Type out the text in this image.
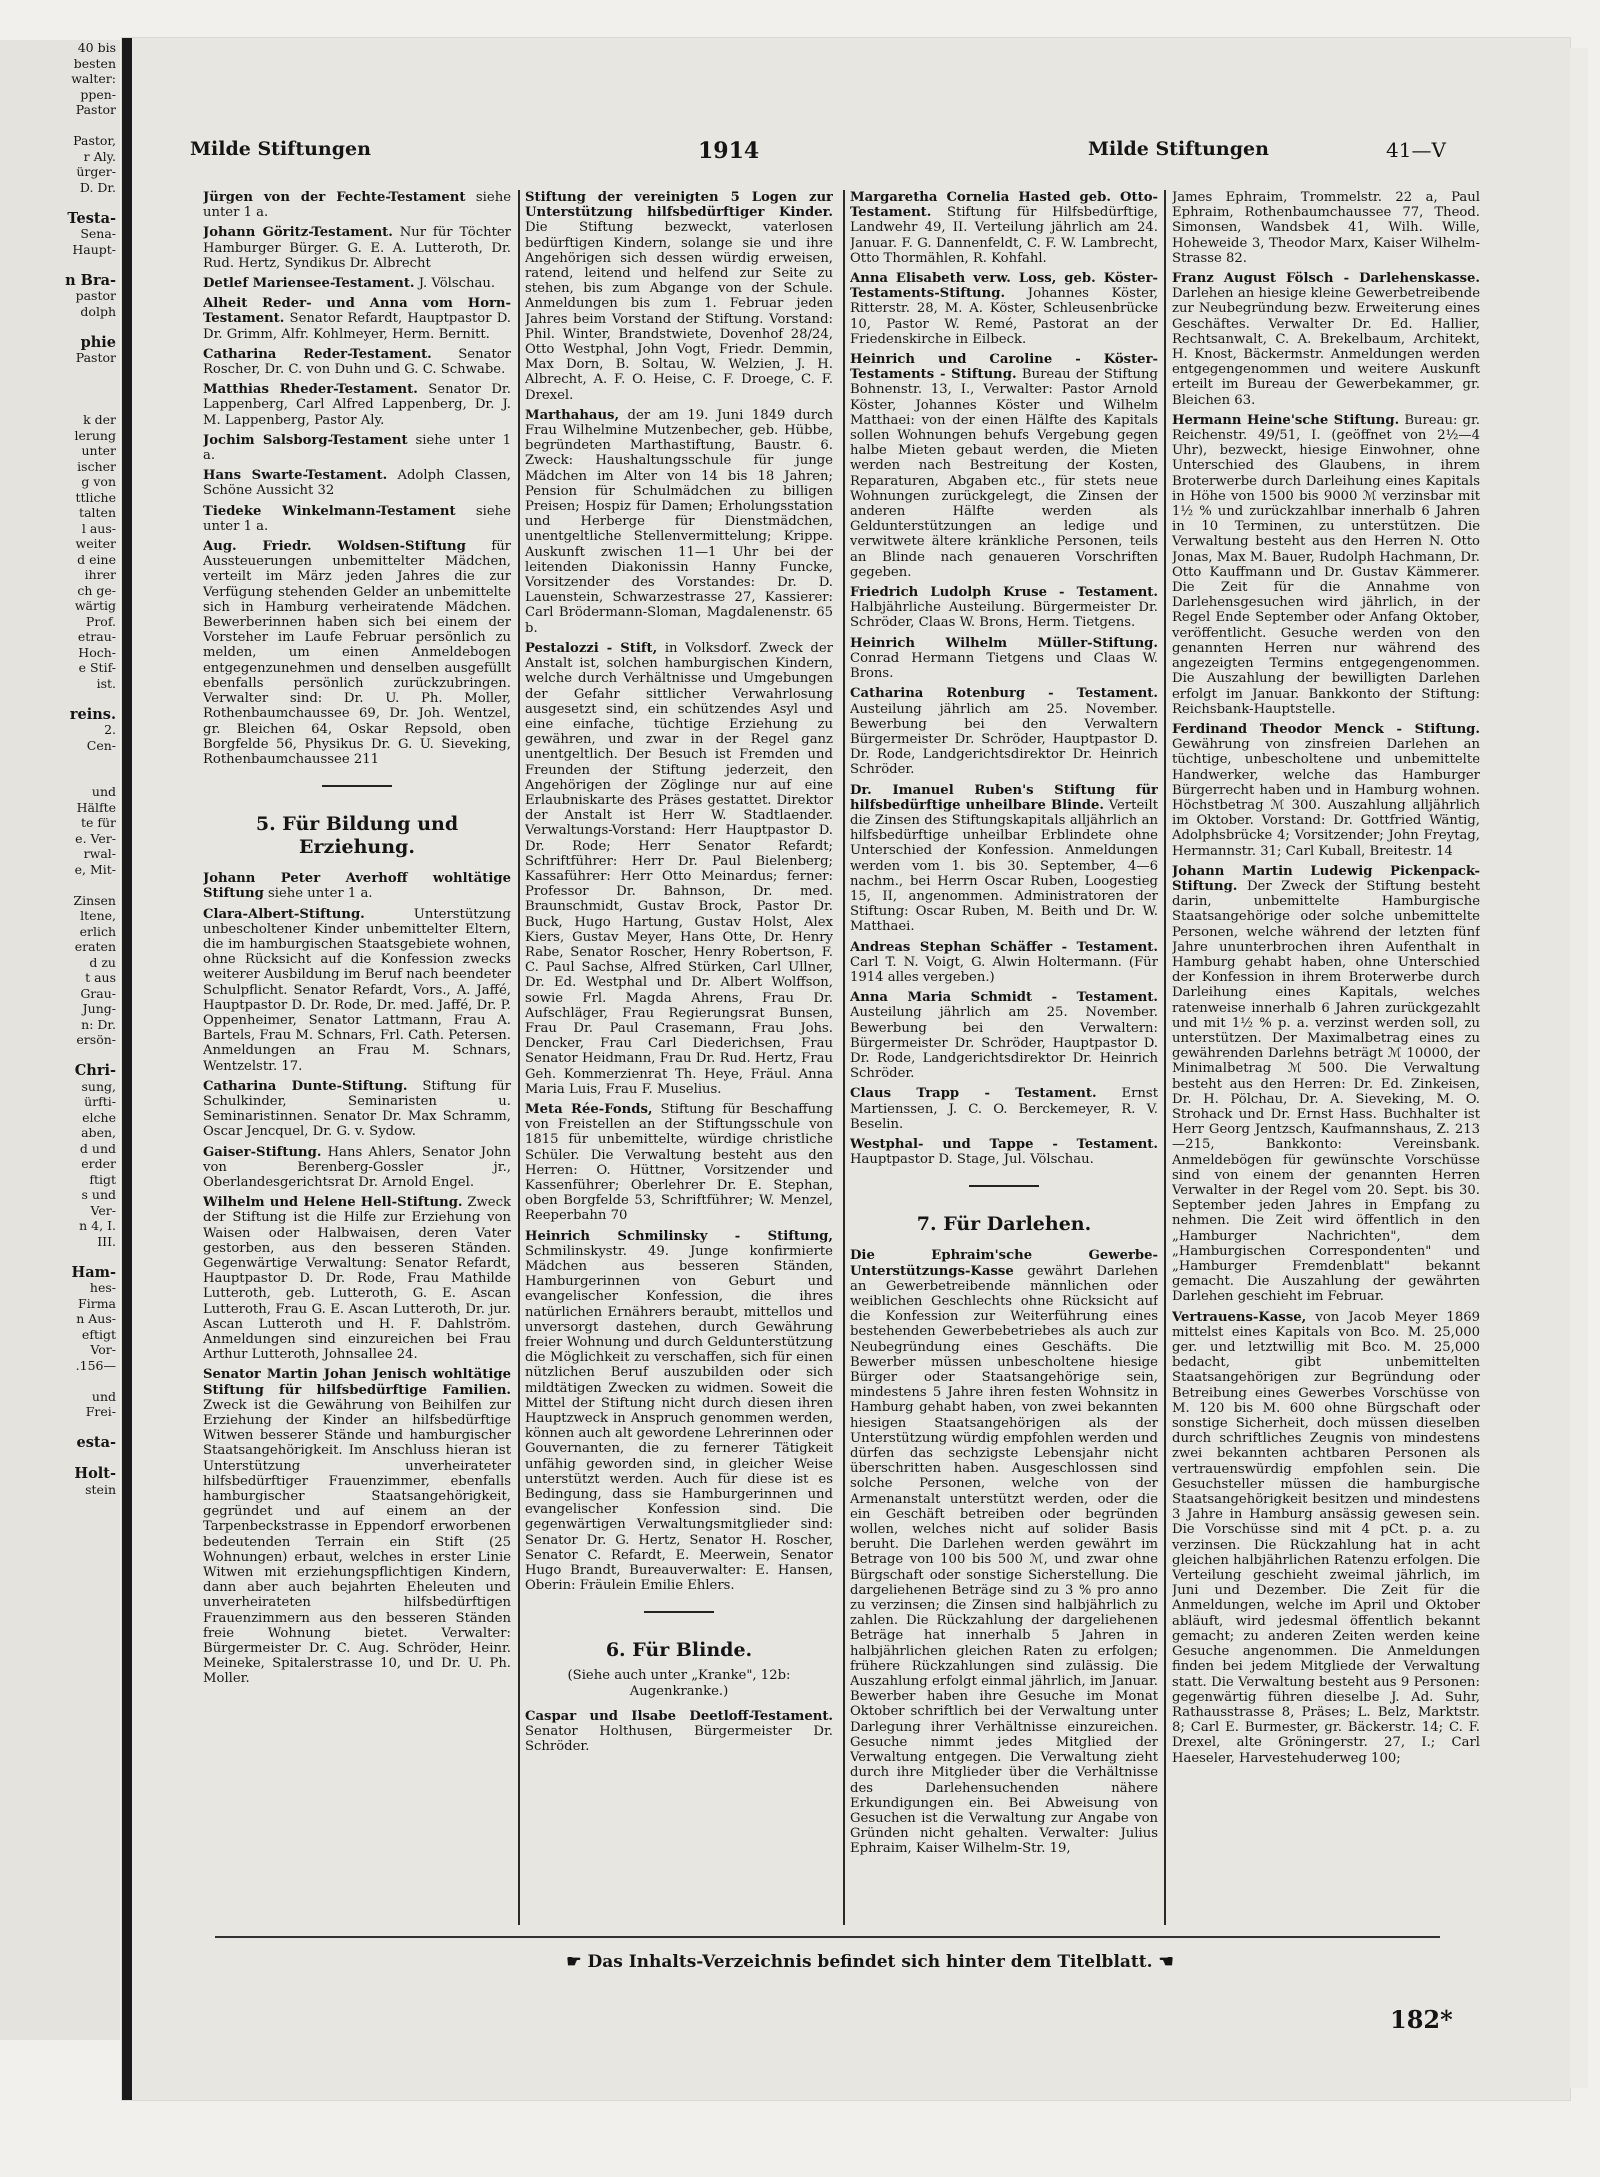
40 bis
besten
walter:
ppen-
Pastor
Pastor,
r Aly.
ürger-
D. Dr.
Testa-
Sena-
Haupt-
n Bra-
pastor
dolph
phie
Pastor
k der
lerung
unter
ischer
g von
ttliche
talten
l aus-
weiter
d eine
ihrer
ch ge-
wärtig
Prof.
etrau-
Hoch-
e Stif-
ist.
reins.
2.
Cen-
und
Hälfte
te für
e. Ver-
rwal-
e, Mit-
Zinsen
ltene,
erlich
eraten
d zu
t aus
Grau-
Jung-
n: Dr.
ersön-
Chri-
sung,
ürfti-
elche
aben,
d und
erder
ftigt
s und
Ver-
n 4, I.
III.
Ham-
hes-
Firma
n Aus-
eftigt
Vor-
.156—
und
Frei-
esta-
Holt-
stein
Milde Stiftungen	1914	Milde Stiftungen	41—V
Jürgen von der Fechte-Testament siehe unter 1 a.
Johann Göritz-Testament. Nur für Töchter Hamburger Bürger. G. E. A. Lutteroth, Dr. Rud. Hertz, Syndikus Dr. Albrecht
Detlef Mariensee-Testament. J. Völschau.
Alheit Reder- und Anna vom Horn-Testament. Senator Refardt, Hauptpastor D. Dr. Grimm, Alfr. Kohlmeyer, Herm. Bernitt.
Catharina Reder-Testament. Senator Roscher, Dr. C. von Duhn und G. C. Schwabe.
Matthias Rheder-Testament. Senator Dr. Lappenberg, Carl Alfred Lappenberg, Dr. J. M. Lappenberg, Pastor Aly.
Jochim Salsborg-Testament siehe unter 1 a.
Hans Swarte-Testament. Adolph Classen, Schöne Aussicht 32
Tiedeke Winkelmann-Testament siehe unter 1 a.
Aug. Friedr. Woldsen-Stiftung für Aussteuerungen unbemittelter Mädchen, verteilt im März jeden Jahres die zur Verfügung stehenden Gelder an unbemittelte sich in Hamburg verheiratende Mädchen. Bewerberinnen haben sich bei einem der Vorsteher im Laufe Februar persönlich zu melden, um einen Anmeldebogen entgegenzunehmen und denselben ausgefüllt ebenfalls persönlich zurückzubringen. Verwalter sind: Dr. U. Ph. Moller, Rothenbaumchaussee 69, Dr. Joh. Wentzel, gr. Bleichen 64, Oskar Repsold, oben Borgfelde 56, Physikus Dr. G. U. Sieveking, Rothenbaumchaussee 211
5. Für Bildung und Erziehung.
Johann Peter Averhoff wohltätige Stiftung siehe unter 1 a.
Clara-Albert-Stiftung.	Unterstützung unbescholtener Kinder unbemittelter Eltern, die im hamburgischen Staatsgebiete wohnen, ohne Rücksicht auf die Konfession zwecks weiterer Ausbildung im Beruf nach beendeter Schulpflicht. Senator Refardt, Vors., A. Jaffé, Hauptpastor D. Dr. Rode, Dr. med. Jaffé, Dr. P. Oppenheimer, Senator Lattmann, Frau A. Bartels, Frau M. Schnars, Frl. Cath. Petersen. Anmeldungen an Frau M. Schnars, Wentzelstr. 17.
Catharina Dunte-Stiftung. Stiftung für Schulkinder, Seminaristen u. Seminaristinnen. Senator Dr. Max Schramm, Oscar Jencquel, Dr. G. v. Sydow.
Gaiser-Stiftung. Hans Ahlers, Senator John von Berenberg-Gossler jr., Oberlandesgerichtsrat Dr. Arnold Engel.
Wilhelm und Helene Hell-Stiftung. Zweck der Stiftung ist die Hilfe zur Erziehung von Waisen oder Halbwaisen, deren Vater gestorben, aus den besseren Ständen. Gegenwärtige Verwaltung: Senator Refardt, Hauptpastor D. Dr. Rode, Frau Mathilde Lutteroth, geb. Lutteroth, G. E. Ascan Lutteroth, Frau G. E. Ascan Lutteroth, Dr. jur. Ascan Lutteroth und H. F. Dahlström. Anmeldungen sind einzureichen bei Frau Arthur Lutteroth, Johnsallee 24.
Senator Martin Johan Jenisch wohltätige Stiftung für hilfsbedürftige Familien. Zweck ist die Gewährung von Beihilfen zur Erziehung der Kinder an hilfsbedürftige Witwen besserer Stände und hamburgischer Staatsangehörigkeit. Im Anschluss hieran ist Unterstützung unverheirateter hilfsbedürftiger Frauenzimmer, ebenfalls hamburgischer Staatsangehörigkeit, gegründet und auf einem an der Tarpenbeckstrasse in Eppendorf erworbenen bedeutenden Terrain ein Stift (25 Wohnungen) erbaut, welches in erster Linie Witwen mit erziehungspflichtigen Kindern, dann aber auch bejahrten Eheleuten und unverheirateten hilfsbedürftigen Frauenzimmern aus den besseren Ständen freie Wohnung bietet. Verwalter: Bürgermeister Dr. C. Aug. Schröder, Heinr. Meineke, Spitalerstrasse 10, und Dr. U. Ph. Moller.
Stiftung der vereinigten 5 Logen zur Unterstützung hilfsbedürftiger Kinder. Die Stiftung bezweckt, vaterlosen bedürftigen Kindern, solange sie und ihre Angehörigen sich dessen würdig erweisen, ratend, leitend und helfend zur Seite zu stehen, bis zum Abgange von der Schule. Anmeldungen bis zum 1. Februar jeden Jahres beim Vorstand der Stiftung. Vorstand: Phil. Winter, Brandstwiete, Dovenhof 28/24, Otto Westphal, John Vogt, Friedr. Demmin, Max Dorn, B. Soltau, W. Welzien, J. H. Albrecht, A. F. O. Heise, C. F. Droege, C. F. Drexel.
Marthahaus, der am 19. Juni 1849 durch Frau Wilhelmine Mutzenbecher, geb. Hübbe, begründeten Marthastiftung, Baustr. 6. Zweck: Haushaltungsschule für junge Mädchen im Alter von 14 bis 18 Jahren; Pension für Schulmädchen zu billigen Preisen; Hospiz für Damen; Erholungsstation und Herberge für Dienstmädchen, unentgeltliche Stellenvermittelung; Krippe. Auskunft zwischen 11—1 Uhr bei der leitenden Diakonissin Hanny Funcke, Vorsitzender des Vorstandes: Dr. D. Lauenstein, Schwarzestrasse 27, Kassierer: Carl Brödermann-Sloman, Magdalenenstr. 65 b.
Pestalozzi - Stift, in Volksdorf. Zweck der Anstalt ist, solchen hamburgischen Kindern, welche durch Verhältnisse und Umgebungen der Gefahr sittlicher Verwahrlosung ausgesetzt sind, ein schützendes Asyl und eine einfache, tüchtige Erziehung zu gewähren, und zwar in der Regel ganz unentgeltlich. Der Besuch ist Fremden und Freunden der Stiftung jederzeit, den Angehörigen der Zöglinge nur auf eine Erlaubniskarte des Präses gestattet. Direktor der Anstalt ist Herr W. Stadtlaender. Verwaltungs-Vorstand: Herr Hauptpastor D. Dr. Rode; Herr Senator Refardt; Schriftführer: Herr Dr. Paul Bielenberg; Kassaführer: Herr Otto Meinardus; ferner: Professor Dr. Bahnson, Dr. med. Braunschmidt, Gustav Brock, Pastor Dr. Buck, Hugo Hartung, Gustav Holst, Alex Kiers, Gustav Meyer, Hans Otte, Dr. Henry Rabe, Senator Roscher, Henry Robertson, F. C. Paul Sachse, Alfred Stürken, Carl Ullner, Dr. Ed. Westphal und Dr. Albert Wolffson, sowie Frl. Magda Ahrens, Frau Dr. Aufschläger, Frau Regierungsrat Bunsen, Frau Dr. Paul Crasemann, Frau Johs. Dencker, Frau Carl Diederichsen, Frau Senator Heidmann, Frau Dr. Rud. Hertz, Frau Geh. Kommerzienrat Th. Heye, Fräul. Anna Maria Luis, Frau F. Muselius.
Meta Rée-Fonds, Stiftung für Beschaffung von Freistellen an der Stiftungsschule von 1815 für unbemittelte, würdige christliche Schüler. Die Verwaltung besteht aus den Herren: O. Hüttner, Vorsitzender und Kassenführer; Oberlehrer Dr. E. Stephan, oben Borgfelde 53, Schriftführer; W. Menzel, Reeperbahn 70
Heinrich Schmilinsky - Stiftung, Schmilinskystr. 49. Junge konfirmierte Mädchen aus besseren Ständen, Hamburgerinnen von Geburt und evangelischer Konfession, die ihres natürlichen Ernährers beraubt, mittellos und unversorgt dastehen, durch Gewährung freier Wohnung und durch Geldunterstützung die Möglichkeit zu verschaffen, sich für einen nützlichen Beruf auszubilden oder sich mildtätigen Zwecken zu widmen. Soweit die Mittel der Stiftung nicht durch diesen ihren Hauptzweck in Anspruch genommen werden, können auch alt gewordene Lehrerinnen oder Gouvernanten, die zu fernerer Tätigkeit unfähig geworden sind, in gleicher Weise unterstützt werden. Auch für diese ist es Bedingung, dass sie Hamburgerinnen und evangelischer Konfession sind. Die gegenwärtigen Verwaltungsmitglieder sind: Senator Dr. G. Hertz, Senator H. Roscher, Senator C. Refardt, E. Meerwein, Senator Hugo Brandt, Bureauverwalter: E. Hansen, Oberin: Fräulein Emilie Ehlers.
6. Für Blinde.
(Siehe auch unter „Kranke", 12b: Augenkranke.)
Caspar und Ilsabe Deetloff-Testament. Senator Holthusen, Bürgermeister Dr. Schröder.
Margaretha Cornelia Hasted geb. Otto-Testament. Stiftung für Hilfsbedürftige, Landwehr 49, II. Verteilung jährlich am 24. Januar. F. G. Dannenfeldt, C. F. W. Lambrecht, Otto Thormählen, R. Kohfahl.
Anna Elisabeth verw. Loss, geb. Köster-Testaments-Stiftung. Johannes Köster, Ritterstr. 28, M. A. Köster, Schleusenbrücke 10, Pastor W. Remé, Pastorat an der Friedenskirche in Eilbeck.
Heinrich und Caroline - Köster-Testaments - Stiftung. Bureau der Stiftung Bohnenstr. 13, I., Verwalter: Pastor Arnold Köster, Johannes Köster und Wilhelm Matthaei: von der einen Hälfte des Kapitals sollen Wohnungen behufs Vergebung gegen halbe Mieten gebaut werden, die Mieten werden nach Bestreitung der Kosten, Reparaturen, Abgaben etc., für stets neue Wohnungen zurückgelegt, die Zinsen der anderen Hälfte werden als Geldunterstützungen an ledige und verwitwete ältere kränkliche Personen, teils an Blinde nach genaueren Vorschriften gegeben.
Friedrich Ludolph Kruse - Testament. Halbjährliche Austeilung. Bürgermeister Dr. Schröder, Claas W. Brons, Herm. Tietgens.
Heinrich Wilhelm Müller-Stiftung. Conrad Hermann Tietgens und Claas W. Brons.
Catharina Rotenburg - Testament. Austeilung jährlich am 25. November. Bewerbung bei den Verwaltern Bürgermeister Dr. Schröder, Hauptpastor D. Dr. Rode, Landgerichtsdirektor Dr. Heinrich Schröder.
Dr. Imanuel Ruben's Stiftung für hilfsbedürftige unheilbare Blinde. Verteilt die Zinsen des Stiftungskapitals alljährlich an hilfsbedürftige unheilbar Erblindete ohne Unterschied der Konfession. Anmeldungen werden vom 1. bis 30. September, 4—6 nachm., bei Herrn Oscar Ruben, Loogestieg 15, II, angenommen. Administratoren der Stiftung: Oscar Ruben, M. Beith und Dr. W. Matthaei.
Andreas Stephan Schäffer - Testament. Carl T. N. Voigt, G. Alwin Holtermann. (Für 1914 alles vergeben.)
Anna Maria Schmidt - Testament. Austeilung jährlich am 25. November. Bewerbung bei den Verwaltern: Bürgermeister Dr. Schröder, Hauptpastor D. Dr. Rode, Landgerichtsdirektor Dr. Heinrich Schröder.
Claus Trapp - Testament. Ernst Martienssen, J. C. O. Berckemeyer, R. V. Beselin.
Westphal- und Tappe - Testament. Hauptpastor D. Stage, Jul. Völschau.
7. Für Darlehen.
Die Ephraim'sche Gewerbe-Unterstützungs-Kasse gewährt Darlehen an Gewerbetreibende männlichen oder weiblichen Geschlechts ohne Rücksicht auf die Konfession zur Weiterführung eines bestehenden Gewerbebetriebes als auch zur Neubegründung eines Geschäfts. Die Bewerber müssen unbescholtene hiesige Bürger oder Staatsangehörige sein, mindestens 5 Jahre ihren festen Wohnsitz in Hamburg gehabt haben, von zwei bekannten hiesigen Staatsangehörigen als der Unterstützung würdig empfohlen werden und dürfen das sechzigste Lebensjahr nicht überschritten haben. Ausgeschlossen sind solche Personen, welche von der Armenanstalt unterstützt werden, oder die ein Geschäft betreiben oder begründen wollen, welches nicht auf solider Basis beruht. Die Darlehen werden gewährt im Betrage von 100 bis 500 ℳ, und zwar ohne Bürgschaft oder sonstige Sicherstellung. Die dargeliehenen Beträge sind zu 3 % pro anno zu verzinsen; die Zinsen sind halbjährlich zu zahlen. Die Rückzahlung der dargeliehenen Beträge hat innerhalb 5 Jahren in halbjährlichen gleichen Raten zu erfolgen; frühere Rückzahlungen sind zulässig. Die Auszahlung erfolgt einmal jährlich, im Januar. Bewerber haben ihre Gesuche im Monat Oktober schriftlich bei der Verwaltung unter Darlegung ihrer Verhältnisse einzureichen. Gesuche nimmt jedes Mitglied der Verwaltung entgegen. Die Verwaltung zieht durch ihre Mitglieder über die Verhältnisse des Darlehensuchenden nähere Erkundigungen ein. Bei Abweisung von Gesuchen ist die Verwaltung zur Angabe von Gründen nicht gehalten. Verwalter: Julius Ephraim, Kaiser Wilhelm-Str. 19,
James Ephraim, Trommelstr. 22 a, Paul Ephraim, Rothenbaumchaussee 77, Theod. Simonsen, Wandsbek 41, Wilh. Wille, Hoheweide 3, Theodor Marx, Kaiser Wilhelm-Strasse 82.
Franz August Fölsch - Darlehenskasse. Darlehen an hiesige kleine Gewerbetreibende zur Neubegründung bezw. Erweiterung eines Geschäftes. Verwalter Dr. Ed. Hallier, Rechtsanwalt, C. A. Brekelbaum, Architekt, H. Knost, Bäckermstr. Anmeldungen werden entgegengenommen und weitere Auskunft erteilt im Bureau der Gewerbekammer, gr. Bleichen 63.
Hermann Heine'sche Stiftung. Bureau: gr. Reichenstr. 49/51, I. (geöffnet von 2½—4 Uhr), bezweckt, hiesige Einwohner, ohne Unterschied des Glaubens, in ihrem Broterwerbe durch Darleihung eines Kapitals in Höhe von 1500 bis 9000 ℳ verzinsbar mit 1½ % und zurückzahlbar innerhalb 6 Jahren in 10 Terminen, zu unterstützen. Die Verwaltung besteht aus den Herren N. Otto Jonas, Max M. Bauer, Rudolph Hachmann, Dr. Otto Kauffmann und Dr. Gustav Kämmerer. Die Zeit für die Annahme von Darlehensgesuchen wird jährlich, in der Regel Ende September oder Anfang Oktober, veröffentlicht. Gesuche werden von den genannten Herren nur während des angezeigten Termins entgegengenommen. Die Auszahlung der bewilligten Darlehen erfolgt im Januar. Bankkonto der Stiftung: Reichsbank-Hauptstelle.
Ferdinand Theodor Menck - Stiftung. Gewährung von zinsfreien Darlehen an tüchtige, unbescholtene und unbemittelte Handwerker, welche das Hamburger Bürgerrecht haben und in Hamburg wohnen. Höchstbetrag ℳ 300. Auszahlung alljährlich im Oktober. Vorstand: Dr. Gottfried Wäntig, Adolphsbrücke 4; Vorsitzender; John Freytag, Hermannstr. 31; Carl Kuball, Breitestr. 14
Johann Martin Ludewig Pickenpack-Stiftung. Der Zweck der Stiftung besteht darin, unbemittelte Hamburgische Staatsangehörige oder solche unbemittelte Personen, welche während der letzten fünf Jahre ununterbrochen ihren Aufenthalt in Hamburg gehabt haben, ohne Unterschied der Konfession in ihrem Broterwerbe durch Darleihung eines Kapitals, welches ratenweise innerhalb 6 Jahren zurückgezahlt und mit 1½ % p. a. verzinst werden soll, zu unterstützen. Der Maximalbetrag eines zu gewährenden Darlehns beträgt ℳ 10000, der Minimalbetrag ℳ 500. Die Verwaltung besteht aus den Herren: Dr. Ed. Zinkeisen, Dr. H. Pölchau, Dr. A. Sieveking, M. O. Strohack und Dr. Ernst Hass. Buchhalter ist Herr Georg Jentzsch, Kaufmannshaus, Z. 213—215, Bankkonto: Vereinsbank. Anmeldebögen für gewünschte Vorschüsse sind von einem der genannten Herren Verwalter in der Regel vom 20. Sept. bis 30. September jeden Jahres in Empfang zu nehmen. Die Zeit wird öffentlich in den „Hamburger Nachrichten", dem „Hamburgischen Correspondenten" und „Hamburger Fremdenblatt" bekannt gemacht. Die Auszahlung der gewährten Darlehen geschieht im Februar.
Vertrauens-Kasse, von Jacob Meyer 1869 mittelst eines Kapitals von Bco. M. 25,000 ger. und letztwillig mit Bco. M. 25,000 bedacht, gibt unbemittelten Staatsangehörigen zur Begründung oder Betreibung eines Gewerbes Vorschüsse von M. 120 bis M. 600 ohne Bürgschaft oder sonstige Sicherheit, doch müssen dieselben durch schriftliches Zeugnis von mindestens zwei bekannten achtbaren Personen als vertrauenswürdig empfohlen sein. Die Gesuchsteller müssen die hamburgische Staatsangehörigkeit besitzen und mindestens 3 Jahre in Hamburg ansässig gewesen sein. Die Vorschüsse sind mit 4 pCt. p. a. zu verzinsen. Die Rückzahlung hat in acht gleichen halbjährlichen Ratenzu erfolgen. Die Verteilung geschieht zweimal jährlich, im Juni und Dezember. Die Zeit für die Anmeldungen, welche im April und Oktober abläuft, wird jedesmal öffentlich bekannt gemacht; zu anderen Zeiten werden keine Gesuche angenommen. Die Anmeldungen finden bei jedem Mitgliede der Verwaltung statt. Die Verwaltung besteht aus 9 Personen: gegenwärtig führen dieselbe J. Ad. Suhr, Rathausstrasse 8, Präses; L. Belz, Marktstr. 8; Carl E. Burmester, gr. Bäckerstr. 14; C. F. Drexel, alte Gröningerstr. 27, I.; Carl Haeseler, Harvestehuderweg 100;
☛ Das Inhalts-Verzeichnis befindet sich hinter dem Titelblatt. ☚
182*
